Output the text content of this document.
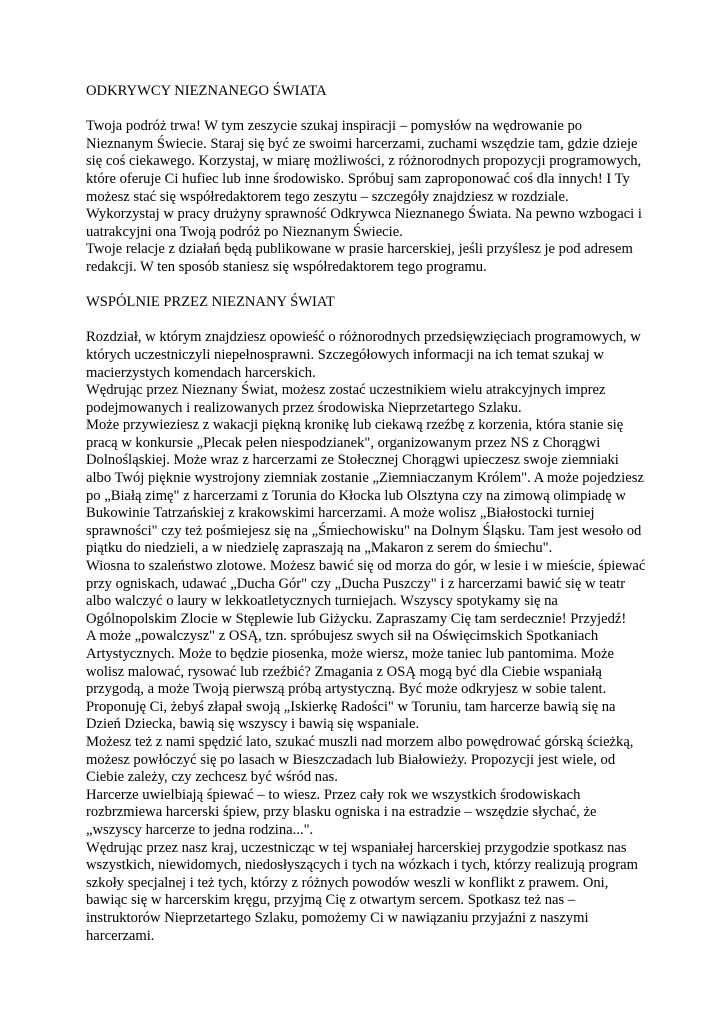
ODKRYWCY NIEZNANEGO ŚWIATA

Twoja podróż trwa! W tym zeszycie szukaj inspiracji – pomysłów na wędrowanie po Nieznanym Świecie. Staraj się być ze swoimi harcerzami, zuchami wszędzie tam, gdzie dzieje się coś ciekawego. Korzystaj, w miarę możliwości, z różnorodnych propozycji programowych, które oferuje Ci hufiec lub inne środowisko. Spróbuj sam zaproponować coś dla innych! I Ty możesz stać się współredaktorem tego zeszytu – szczegóły znajdziesz w rozdziale.

Wykorzystaj w pracy drużyny sprawność Odkrywca Nieznanego Świata. Na pewno wzbogaci i uatrakcyjni ona Twoją podróż po Nieznanym Świecie.

Twoje relacje z działań będą publikowane w prasie harcerskiej, jeśli przyślesz je pod adresem redakcji. W ten sposób staniesz się współredaktorem tego programu.

WSPÓLNIE PRZEZ NIEZNANY ŚWIAT

Rozdział, w którym znajdziesz opowieść o różnorodnych przedsięwzięciach programowych, w których uczestniczyli niepełnosprawni. Szczegółowych informacji na ich temat szukaj w macierzystych komendach harcerskich.

Wędrując przez Nieznany Świat, możesz zostać uczestnikiem wielu atrakcyjnych imprez podejmowanych i realizowanych przez środowiska Nieprzetartego Szlaku.

Może przywieziesz z wakacji piękną kronikę lub ciekawą rzeźbę z korzenia, która stanie się pracą w konkursie „Plecak pełen niespodzianek", organizowanym przez NS z Chorągwi Dolnośląskiej. Może wraz z harcerzami ze Stołecznej Chorągwi upieczesz swoje ziemniaki albo Twój pięknie wystrojony ziemniak zostanie „Ziemniaczanym Królem". A może pojedziesz po „Białą zimę" z harcerzami z Torunia do Kłocka lub Olsztyna czy na zimową olimpiadę w Bukowinie Tatrzańskiej z krakowskimi harcerzami. A może wolisz „Białostocki turniej sprawności" czy też pośmiejesz się na „Śmiechowisku" na Dolnym Śląsku. Tam jest wesoło od piątku do niedzieli, a w niedzielę zapraszają na „Makaron z serem do śmiechu".

Wiosna to szaleństwo zlotowe. Możesz bawić się od morza do gór, w lesie i w mieście, śpiewać przy ogniskach, udawać „Ducha Gór" czy „Ducha Puszczy" i z harcerzami bawić się w teatr albo walczyć o laury w lekkoatletycznych turniejach. Wszyscy spotykamy się na Ogólnopolskim Zlocie w Stęplewie lub Giżycku. Zapraszamy Cię tam serdecznie! Przyjedź!

A może „powalczysz" z OSĄ, tzn. spróbujesz swych sił na Oświęcimskich Spotkaniach Artystycznych. Może to będzie piosenka, może wiersz, może taniec lub pantomima. Może wolisz malować, rysować lub rzeźbić? Zmagania z OSĄ mogą być dla Ciebie wspaniałą przygodą, a może Twoją pierwszą próbą artystyczną. Być może odkryjesz w sobie talent.

Proponuję Ci, żebyś złapał swoją „Iskierkę Radości" w Toruniu, tam harcerze bawią się na Dzień Dziecka, bawią się wszyscy i bawią się wspaniale.

Możesz też z nami spędzić lato, szukać muszli nad morzem albo powędrować górską ścieżką, możesz powłóczyć się po lasach w Bieszczadach lub Białowieży. Propozycji jest wiele, od Ciebie zależy, czy zechcesz być wśród nas.

Harcerze uwielbiają śpiewać – to wiesz. Przez cały rok we wszystkich środowiskach rozbrzmiewa harcerski śpiew, przy blasku ogniska i na estradzie – wszędzie słychać, że „wszyscy harcerze to jedna rodzina...".

Wędrując przez nasz kraj, uczestnicząc w tej wspaniałej harcerskiej przygodzie spotkasz nas wszystkich, niewidomych, niedosłyszących i tych na wózkach i tych, którzy realizują program szkoły specjalnej i też tych, którzy z różnych powodów weszli w konflikt z prawem. Oni, bawiąc się w harcerskim kręgu, przyjmą Cię z otwartym sercem. Spotkasz też nas – instruktorów Nieprzetartego Szlaku, pomożemy Ci w nawiązaniu przyjaźni z naszymi harcerzami.
